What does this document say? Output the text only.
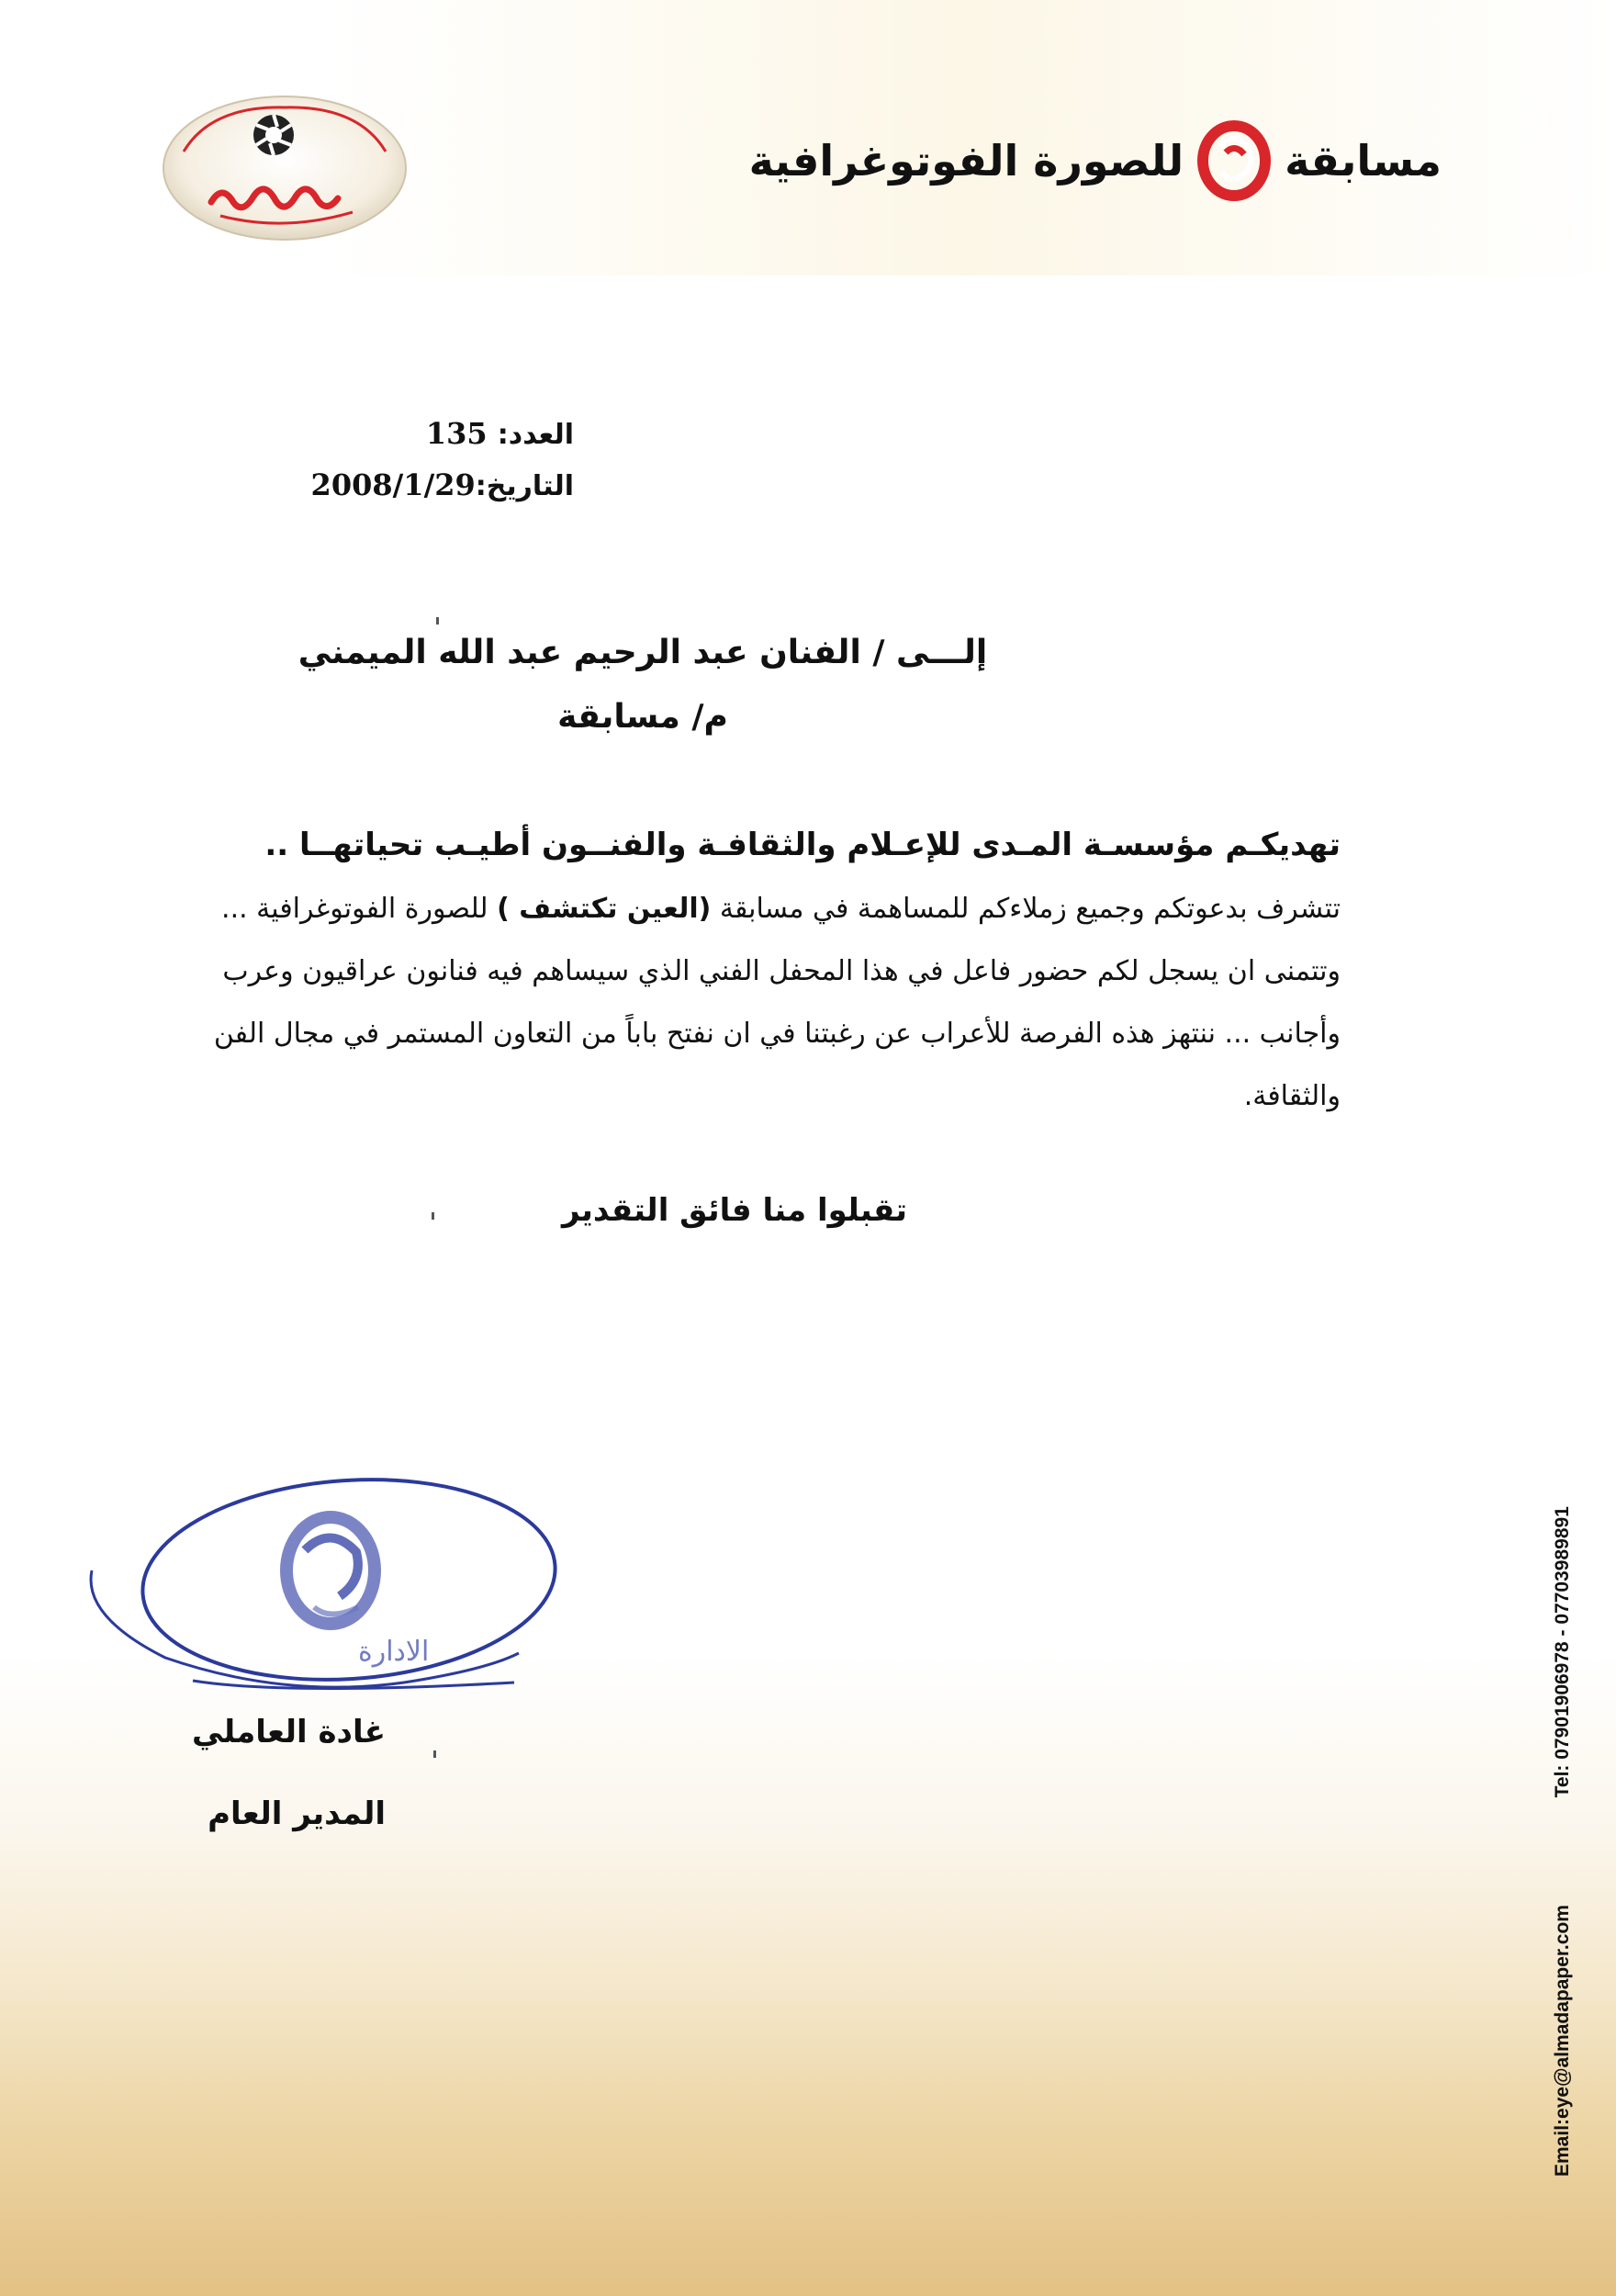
للصورة الفوتوغرافية مسابقة
العدد: 135
التاريخ:2008/1/29
إلـــى / الفنان عبد الرحيم عبد الله الميمني
م/ مسابقة
تهديكـم مؤسسـة المـدى للإعـلام والثقافـة والفنــون أطيـب تحياتهــا ..
تتشرف بدعوتكم وجميع زملاءكم للمساهمة في مسابقة (العين تكتشف ) للصورة الفوتوغرافية ...
وتتمنى ان يسجل لكم حضور فاعل في هذا المحفل الفني الذي سيساهم فيه فنانون عراقيون وعرب
وأجانب ... ننتهز هذه الفرصة للأعراب عن رغبتنا في ان نفتح باباً من التعاون المستمر في مجال الفن
والثقافة.
تقبلوا منا فائق التقدير
الادارة
غادة العاملي
المدير العام
Email:eye@almadapaper.com  Tel: 07901906978 - 07703989891
